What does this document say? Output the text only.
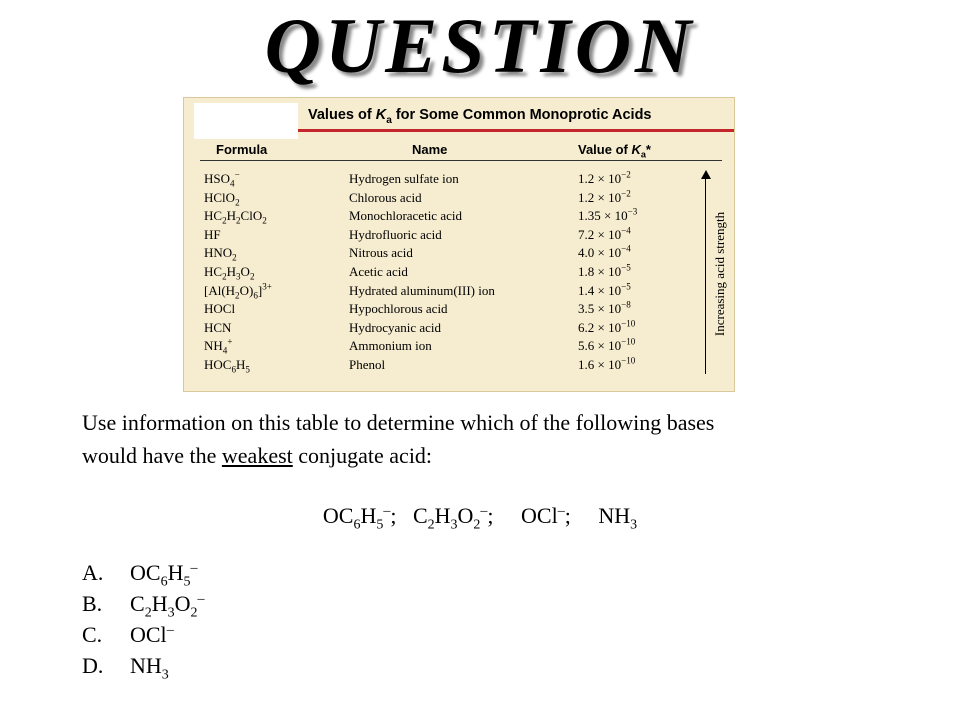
QUESTION
Values of $K_a$ for Some Common Monoprotic Acids
Formula	Name	Value of $K_a*$
$HSO_4^-$	Hydrogen sulfate ion	$1.2 \times 10^{-2}$
HClO$_2$	Chlorous acid	$1.2 \times 10^{-2}$
$HC_2H_2ClO_2$	Monochloracetic acid	$1.35 \times 10^{-3}$
HF	Hydrofluoric acid	$7.2 \times 10^{-4}$
$HNO_2$	Nitrous acid	$4.0 \times 10^{-4}$
$HC_2H_3O_2$	Acetic acid	$1.8 \times 10^{-5}$
$[Al(H_2O)_6]^{3+}$	Hydrated aluminum(III) ion	$1.4 \times 10^{-5}$
HOCl	Hypochlorous acid	$3.5 \times 10^{-8}$
HCN	Hydrocyanic acid	$6.2 \times 10^{-10}$
$NH_4^+$	Ammonium ion	$5.6 \times 10^{-10}$
$HOC_6H_5$	Phenol	$1.6 \times 10^{-10}$
Increasing acid strength
Use information on this table to determine which of the following bases
would have the weakest conjugate acid:
$OC_6H_5^-$;   $C_2H_3O_2^-$;     OCl–;     $NH_3$
A. $OC_6H_5^-$
B. $C_2H_3O_2^-$
C. OCl–
D. $NH_3$
